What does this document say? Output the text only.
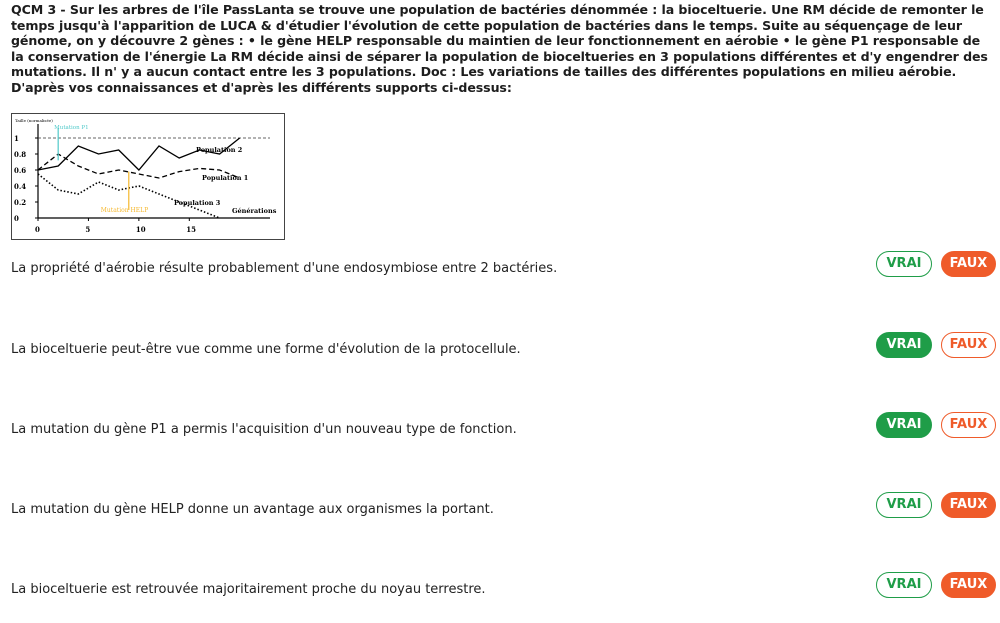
QCM 3 - Sur les arbres de l'île PassLanta se trouve une population de bactéries dénommée : la bioceltuerie. Une RM décide de remonter le temps jusqu'à l'apparition de LUCA & d'étudier l'évolution de cette population de bactéries dans le temps. Suite au séquençage de leur génome, on y découvre 2 gènes : • le gène HELP responsable du maintien de leur fonctionnement en aérobie • le gène P1 responsable de la conservation de l'énergie La RM décide ainsi de séparer la population de bioceltueries en 3 populations différentes et d'y engendrer des mutations. Il n' y a aucun contact entre les 3 populations. Doc : Les variations de tailles des différentes populations en milieu aérobie. D'après vos connaissances et d'après les différents supports ci-dessus:
Taille (normalisée)
0
0.2
0.4
0.6
0.8
1
0	5	10	15
Population 2
Population 1
Population 3
Générations
Mutation P1
Mutation HELP
La propriété d'aérobie résulte probablement d'une endosymbiose entre 2 bactéries.	VRAI	FAUX
La bioceltuerie peut-être vue comme une forme d'évolution de la protocellule.	VRAI	FAUX
La mutation du gène P1 a permis l'acquisition d'un nouveau type de fonction.	VRAI	FAUX
La mutation du gène HELP donne un avantage aux organismes la portant.	VRAI	FAUX
La bioceltuerie est retrouvée majoritairement proche du noyau terrestre.	VRAI	FAUX
